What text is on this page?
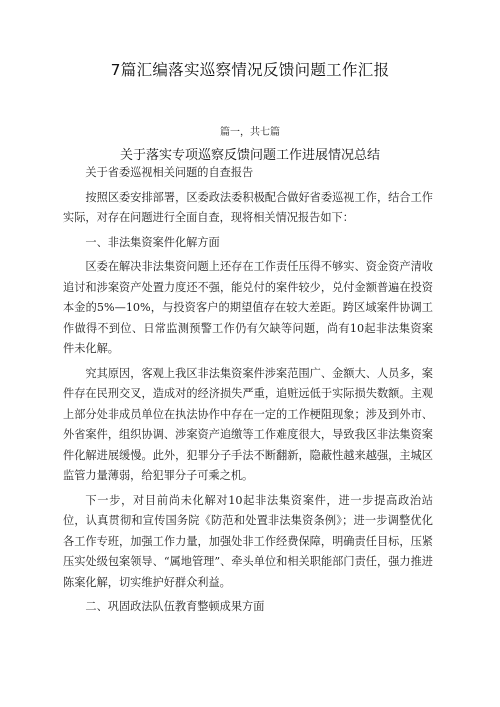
7篇汇编落实巡察情况反馈问题工作汇报
篇一，共七篇
关于落实专项巡察反馈问题工作进展情况总结

关于省委巡视相关问题的自查报告

按照区委安排部署，区委政法委积极配合做好省委巡视工作，结合工作实际，对存在问题进行全面自查，现将相关情况报告如下：

一、非法集资案件化解方面

区委在解决非法集资问题上还存在工作责任压得不够实、资金资产清收追讨和涉案资产处置力度还不强，能兑付的案件较少，兑付金额普遍在投资本金的5%—10%，与投资客户的期望值存在较大差距。跨区域案件协调工作做得不到位、日常监测预警工作仍有欠缺等问题，尚有10起非法集资案件未化解。

究其原因，客观上我区非法集资案件涉案范围广、金额大、人员多，案件存在民刑交叉，造成对的经济损失严重，追赃远低于实际损失数额。主观上部分处非成员单位在执法协作中存在一定的工作梗阻现象；涉及到外市、外省案件，组织协调、涉案资产追缴等工作难度很大，导致我区非法集资案件化解进展缓慢。此外，犯罪分子手法不断翻新，隐蔽性越来越强，主城区监管力量薄弱，给犯罪分子可乘之机。

下一步，对目前尚未化解对10起非法集资案件，进一步提高政治站位，认真贯彻和宣传国务院《防范和处置非法集资条例》；进一步调整优化各工作专班，加强工作力量，加强处非工作经费保障，明确责任目标，压紧压实处级包案领导、“属地管理”、牵头单位和相关职能部门责任，强力推进陈案化解，切实维护好群众利益。

二、巩固政法队伍教育整顿成果方面
